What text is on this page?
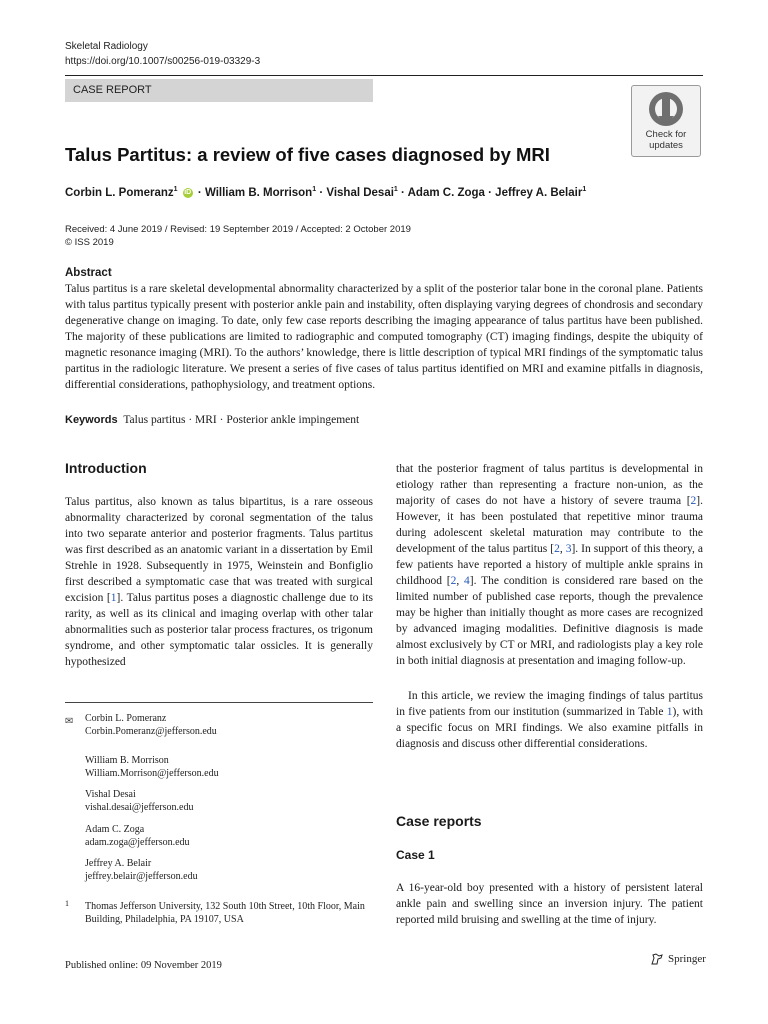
Skeletal Radiology
https://doi.org/10.1007/s00256-019-03329-3
CASE REPORT
Check for
updates
Talus Partitus: a review of five cases diagnosed by MRI
Corbin L. Pomeranz$^1$ iD · William B. Morrison$^1$ · Vishal Desai$^1$ · Adam C. Zoga · Jeffrey A. Belair$^1$
Received: 4 June 2019 / Revised: 19 September 2019 / Accepted: 2 October 2019
© ISS 2019
Abstract
Talus partitus is a rare skeletal developmental abnormality characterized by a split of the posterior talar bone in the coronal plane. Patients with talus partitus typically present with posterior ankle pain and instability, often displaying varying degrees of chondrosis and secondary degenerative change on imaging. To date, only few case reports describing the imaging appearance of talus partitus have been published. The majority of these publications are limited to radiographic and computed tomography (CT) imaging findings, despite the ubiquity of magnetic resonance imaging (MRI). To the authors’ knowledge, there is little description of typical MRI findings of the symptomatic talus partitus in the radiologic literature. We present a series of five cases of talus partitus identified on MRI and examine pitfalls in diagnosis, differential considerations, pathophysiology, and treatment options.
Keywords Talus partitus · MRI · Posterior ankle impingement
Introduction
Talus partitus, also known as talus bipartitus, is a rare osseous abnormality characterized by coronal segmentation of the talus into two separate anterior and posterior fragments. Talus partitus was first described as an anatomic variant in a dissertation by Emil Strehle in 1928. Subsequently in 1975, Weinstein and Bonfiglio first described a symptomatic case that was treated with surgical excision [1]. Talus partitus poses a diagnostic challenge due to its rarity, as well as its clinical and imaging overlap with other talar abnormalities such as posterior talar process fractures, os trigonum syndrome, and other symptomatic talar ossicles. It is generally hypothesized
✉ Corbin L. Pomeranz
Corbin.Pomeranz@jefferson.edu
William B. Morrison
William.Morrison@jefferson.edu
Vishal Desai
vishal.desai@jefferson.edu
Adam C. Zoga
adam.zoga@jefferson.edu
Jeffrey A. Belair
jeffrey.belair@jefferson.edu
1 Thomas Jefferson University, 132 South 10th Street, 10th Floor, Main Building, Philadelphia, PA 19107, USA
that the posterior fragment of talus partitus is developmental in etiology rather than representing a fracture non-union, as the majority of cases do not have a history of severe trauma [2]. However, it has been postulated that repetitive minor trauma during adolescent skeletal maturation may contribute to the development of the talus partitus [2, 3]. In support of this theory, a few patients have reported a history of multiple ankle sprains in childhood [2, 4]. The condition is considered rare based on the limited number of published case reports, though the prevalence may be higher than initially thought as more cases are recognized by advanced imaging modalities. Definitive diagnosis is made almost exclusively by CT or MRI, and radiologists play a key role in both initial diagnosis at presentation and imaging follow-up.
In this article, we review the imaging findings of talus partitus in five patients from our institution (summarized in Table 1), with a specific focus on MRI findings. We also examine pitfalls in diagnosis and discuss other differential considerations.
Case reports
Case 1
A 16-year-old boy presented with a history of persistent lateral ankle pain and swelling since an inversion injury. The patient reported mild bruising and swelling at the time of injury.
Published online: 09 November 2019
Springer
